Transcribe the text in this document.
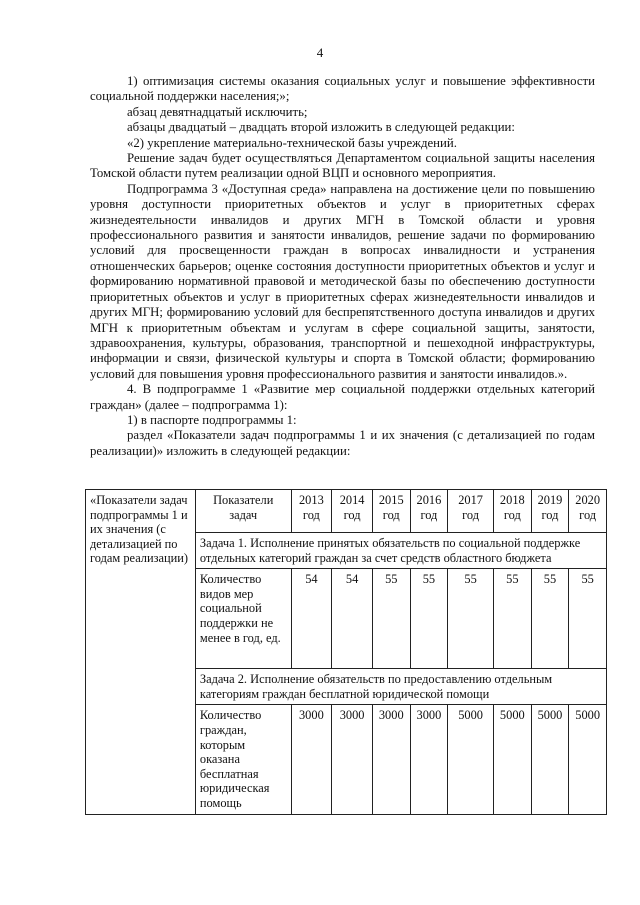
4

1) оптимизация системы оказания социальных услуг и повышение эффективности социальной поддержки населения;»;

абзац девятнадцатый исключить;

абзацы двадцатый – двадцать второй изложить в следующей редакции:

«2) укрепление материально-технической базы учреждений.

Решение задач будет осуществляться Департаментом социальной защиты населения Томской области путем реализации одной ВЦП и основного мероприятия.

Подпрограмма 3 «Доступная среда» направлена на достижение цели по повышению уровня доступности приоритетных объектов и услуг в приоритетных сферах жизнедеятельности инвалидов и других МГН в Томской области и уровня профессионального развития и занятости инвалидов, решение задачи по формированию условий для просвещенности граждан в вопросах инвалидности и устранения отношенческих барьеров; оценке состояния доступности приоритетных объектов и услуг и формированию нормативной правовой и методической базы по обеспечению доступности приоритетных объектов и услуг в приоритетных сферах жизнедеятельности инвалидов и других МГН; формированию условий для беспрепятственного доступа инвалидов и других МГН к приоритетным объектам и услугам в сфере социальной защиты, занятости, здравоохранения, культуры, образования, транспортной и пешеходной инфраструктуры, информации и связи, физической культуры и спорта в Томской области; формированию условий для повышения уровня профессионального развития и занятости инвалидов.».

4. В подпрограмме 1 «Развитие мер социальной поддержки отдельных категорий граждан» (далее – подпрограмма 1):

1) в паспорте подпрограммы 1:

раздел «Показатели задач подпрограммы 1 и их значения (с детализацией по годам реализации)» изложить в следующей редакции:

«Показатели задач подпрограммы 1 и их значения (с детализацией по годам реализации)	Показатели задач	2013 год	2014 год	2015 год	2016 год	2017 год	2018 год	2019 год	2020 год
	Задача 1. Исполнение принятых обязательств по социальной поддержке отдельных категорий граждан за счет средств областного бюджета								
	Количество видов мер социальной поддержки не менее в год, ед.	54	54	55	55	55	55	55	55
	Задача 2. Исполнение обязательств по предоставлению отдельным категориям граждан бесплатной юридической помощи								
	Количество граждан, которым оказана бесплатная юридическая помощь	3000	3000	3000	3000	5000	5000	5000	5000
